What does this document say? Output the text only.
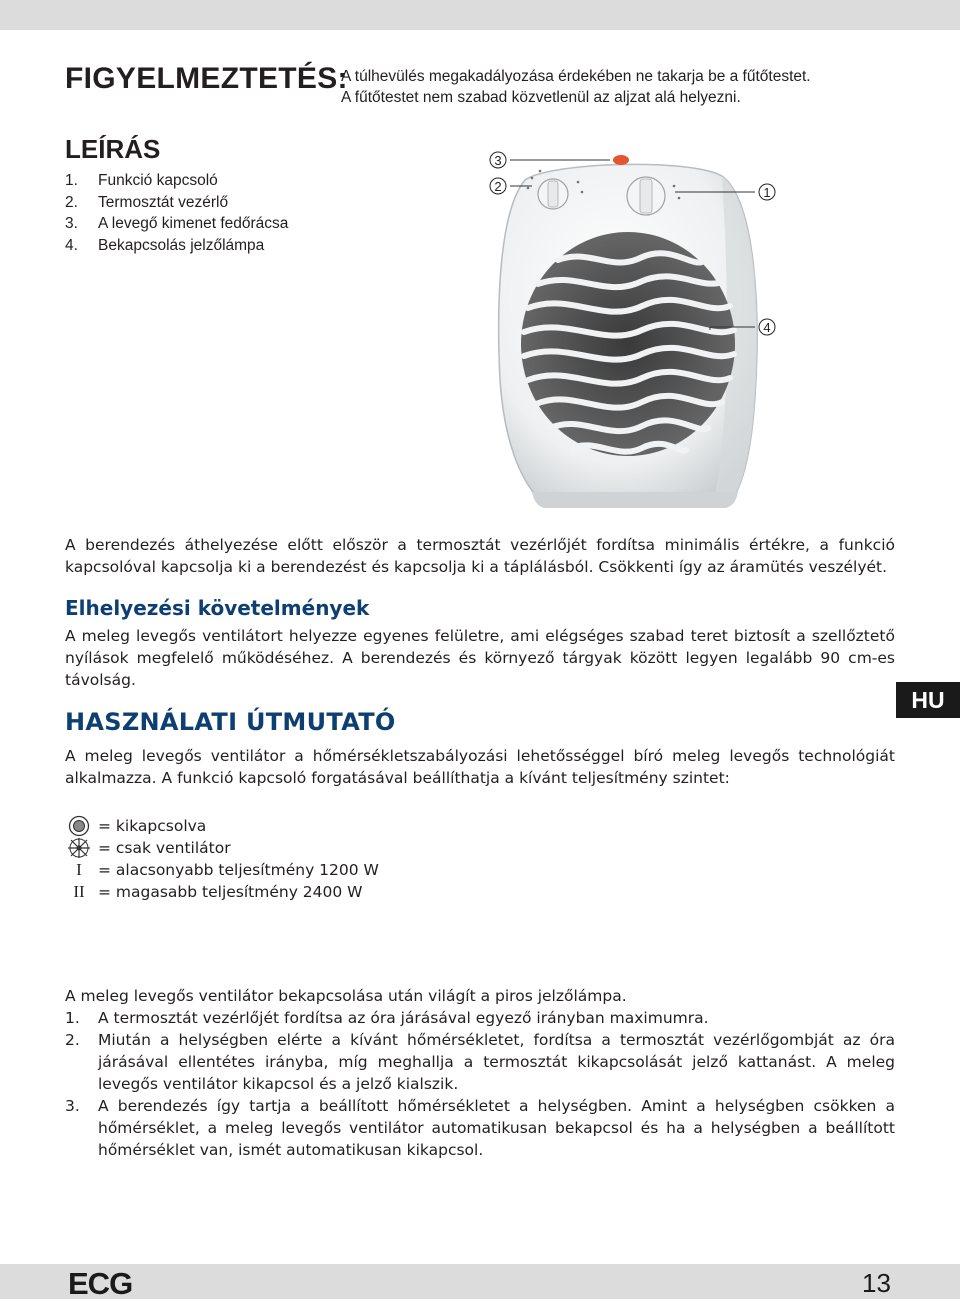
FIGYELMEZTETÉS:
A túlhevülés megakadályozása érdekében ne takarja be a fűtőtestet.
A fűtőtestet nem szabad közvetlenül az aljzat alá helyezni.
LEÍRÁS
1.	Funkció kapcsoló
2.	Termosztát vezérlő
3.	A levegő kimenet fedőrácsa
4.	Bekapcsolás jelzőlámpa
3
2	1
4

A berendezés áthelyezése előtt először a termosztát vezérlőjét fordítsa minimális értékre, a funkció kapcsolóval kapcsolja ki a berendezést és kapcsolja ki a táplálásból. Csökkenti így az áramütés veszélyét.

Elhelyezési követelmények

A meleg levegős ventilátort helyezze egyenes felületre, ami elégséges szabad teret biztosít a szellőztető nyílások megfelelő működéséhez. A berendezés és környező tárgyak között legyen legalább 90 cm-es távolság.

HU
HASZNÁLATI ÚTMUTATÓ

A meleg levegős ventilátor a hőmérsékletszabályozási lehetősséggel bíró meleg levegős technológiát alkalmazza. A funkció kapcsoló forgatásával beállíthatja a kívánt teljesítmény szintet:

= kikapcsolva
= csak ventilátor
I	= alacsonyabb teljesítmény 1200 W
II = magasabb teljesítmény 2400 W

A meleg levegős ventilátor bekapcsolása után világít a piros jelzőlámpa.

1.	A termosztát vezérlőjét fordítsa az óra járásával egyező irányban maximumra.
2.	Miután a helységben elérte a kívánt hőmérsékletet, fordítsa a termosztát vezérlőgombját az óra járásával ellentétes irányba, míg meghallja a termosztát kikapcsolását jelző kattanást. A meleg levegős ventilátor kikapcsol és a jelző kialszik.
3.	A berendezés így tartja a beállított hőmérsékletet a helységben. Amint a helységben csökken a hőmérséklet, a meleg levegős ventilátor automatikusan bekapcsol és ha a helységben a beállított hőmérséklet van, ismét automatikusan kikapcsol.
ECG	13
